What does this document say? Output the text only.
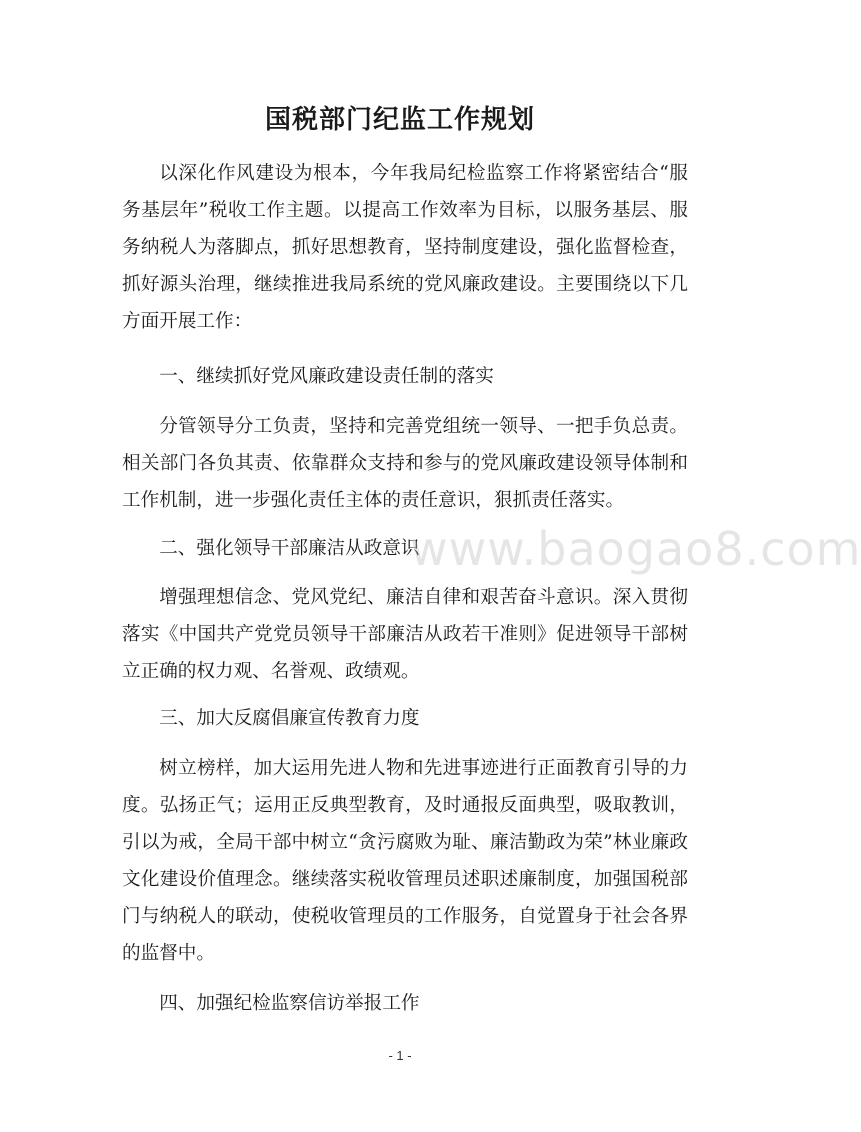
国税部门纪监工作规划

以深化作风建设为根本，今年我局纪检监察工作将紧密结合“服务基层年”税收工作主题。以提高工作效率为目标，以服务基层、服务纳税人为落脚点，抓好思想教育，坚持制度建设，强化监督检查，抓好源头治理，继续推进我局系统的党风廉政建设。主要围绕以下几方面开展工作：

一、继续抓好党风廉政建设责任制的落实

分管领导分工负责，坚持和完善党组统一领导、一把手负总责。相关部门各负其责、依靠群众支持和参与的党风廉政建设领导体制和工作机制，进一步强化责任主体的责任意识，狠抓责任落实。

二、强化领导干部廉洁从政意识

增强理想信念、党风党纪、廉洁自律和艰苦奋斗意识。深入贯彻落实《中国共产党党员领导干部廉洁从政若干准则》促进领导干部树立正确的权力观、名誉观、政绩观。

三、加大反腐倡廉宣传教育力度

树立榜样，加大运用先进人物和先进事迹进行正面教育引导的力度。弘扬正气；运用正反典型教育，及时通报反面典型，吸取教训，引以为戒，全局干部中树立“贪污腐败为耻、廉洁勤政为荣”林业廉政文化建设价值理念。继续落实税收管理员述职述廉制度，加强国税部门与纳税人的联动，使税收管理员的工作服务，自觉置身于社会各界的监督中。

四、加强纪检监察信访举报工作

www.baogao8.com
- 1 -
